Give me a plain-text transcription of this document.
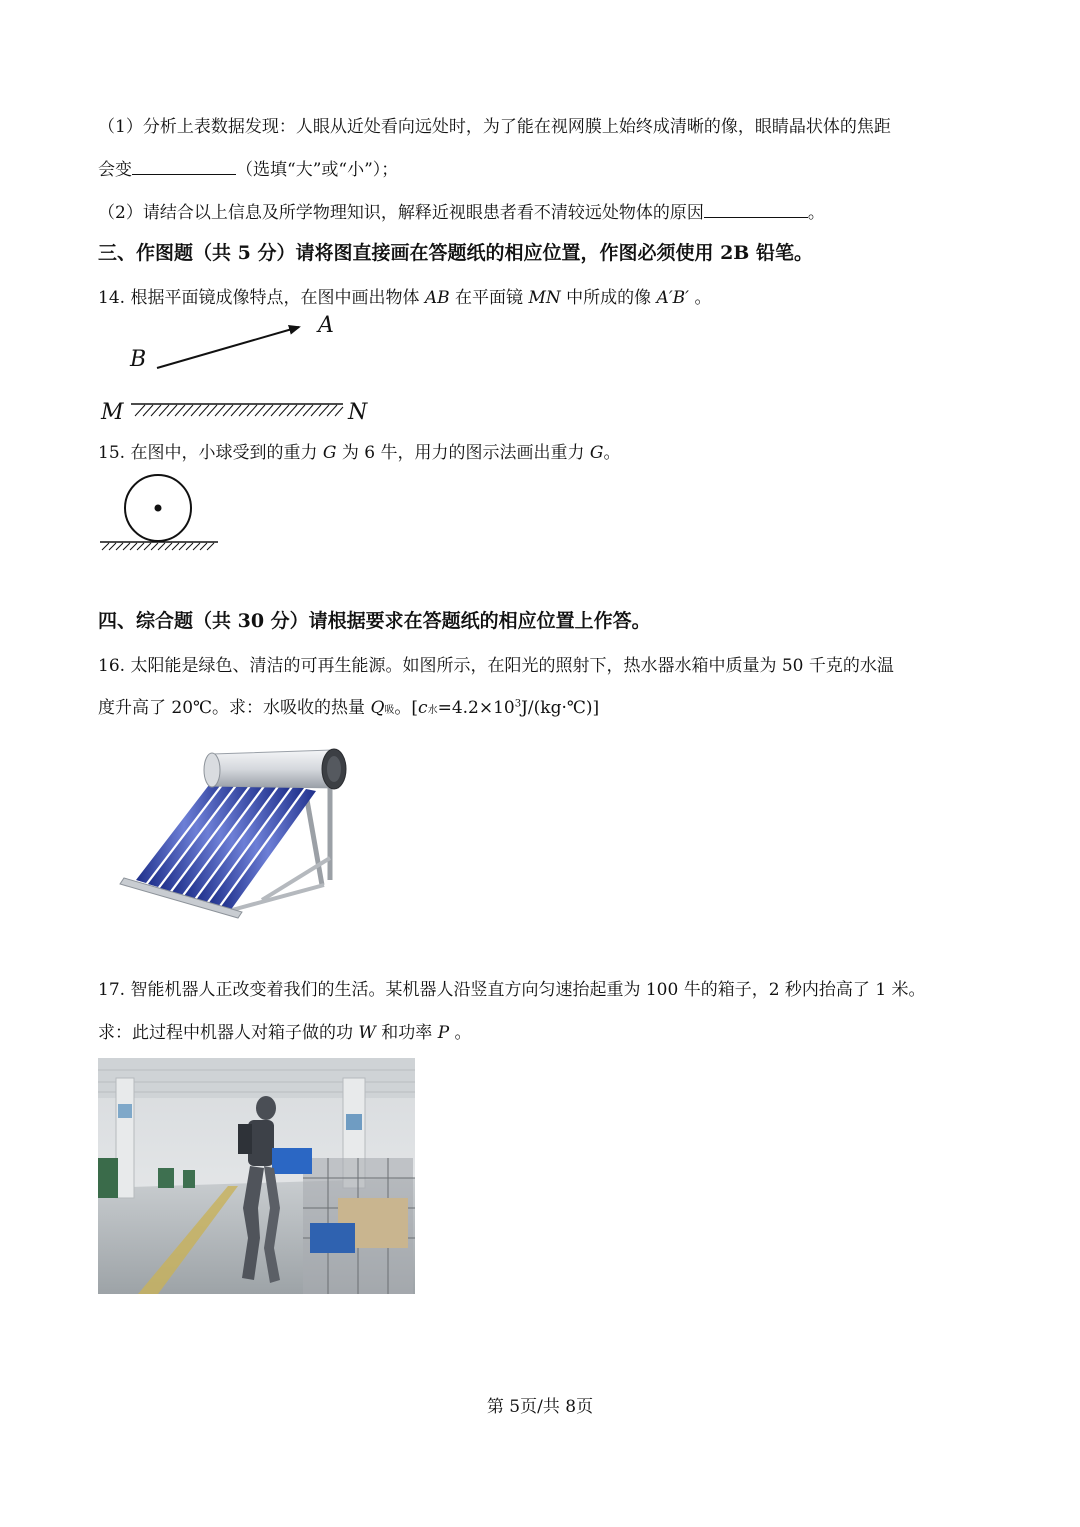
（1）分析上表数据发现：人眼从近处看向远处时，为了能在视网膜上始终成清晰的像，眼睛晶状体的焦距
会变	（选填“大”或“小”）；
（2）请结合以上信息及所学物理知识，解释近视眼患者看不清较远处物体的原因	。
三、作图题（共 5 分）请将图直接画在答题纸的相应位置，作图必须使用 2B 铅笔。
14. 根据平面镜成像特点，在图中画出物体 AB 在平面镜 MN 中所成的像 A′B′ 。
A
B
M	N
15. 在图中，小球受到的重力 G 为 6 牛，用力的图示法画出重力 G。
四、综合题（共 30 分）请根据要求在答题纸的相应位置上作答。
16. 太阳能是绿色、清洁的可再生能源。如图所示，在阳光的照射下，热水器水箱中质量为 50 千克的水温
度升高了 20℃。求：水吸收的热量 Q吸。[c水$=4.2\times 10^3J/(kg\cdot℃)$]
17. 智能机器人正改变着我们的生活。某机器人沿竖直方向匀速抬起重为 100 牛的箱子，2 秒内抬高了 1 米。
求：此过程中机器人对箱子做的功 W 和功率 P 。
第 5页/共 8页
